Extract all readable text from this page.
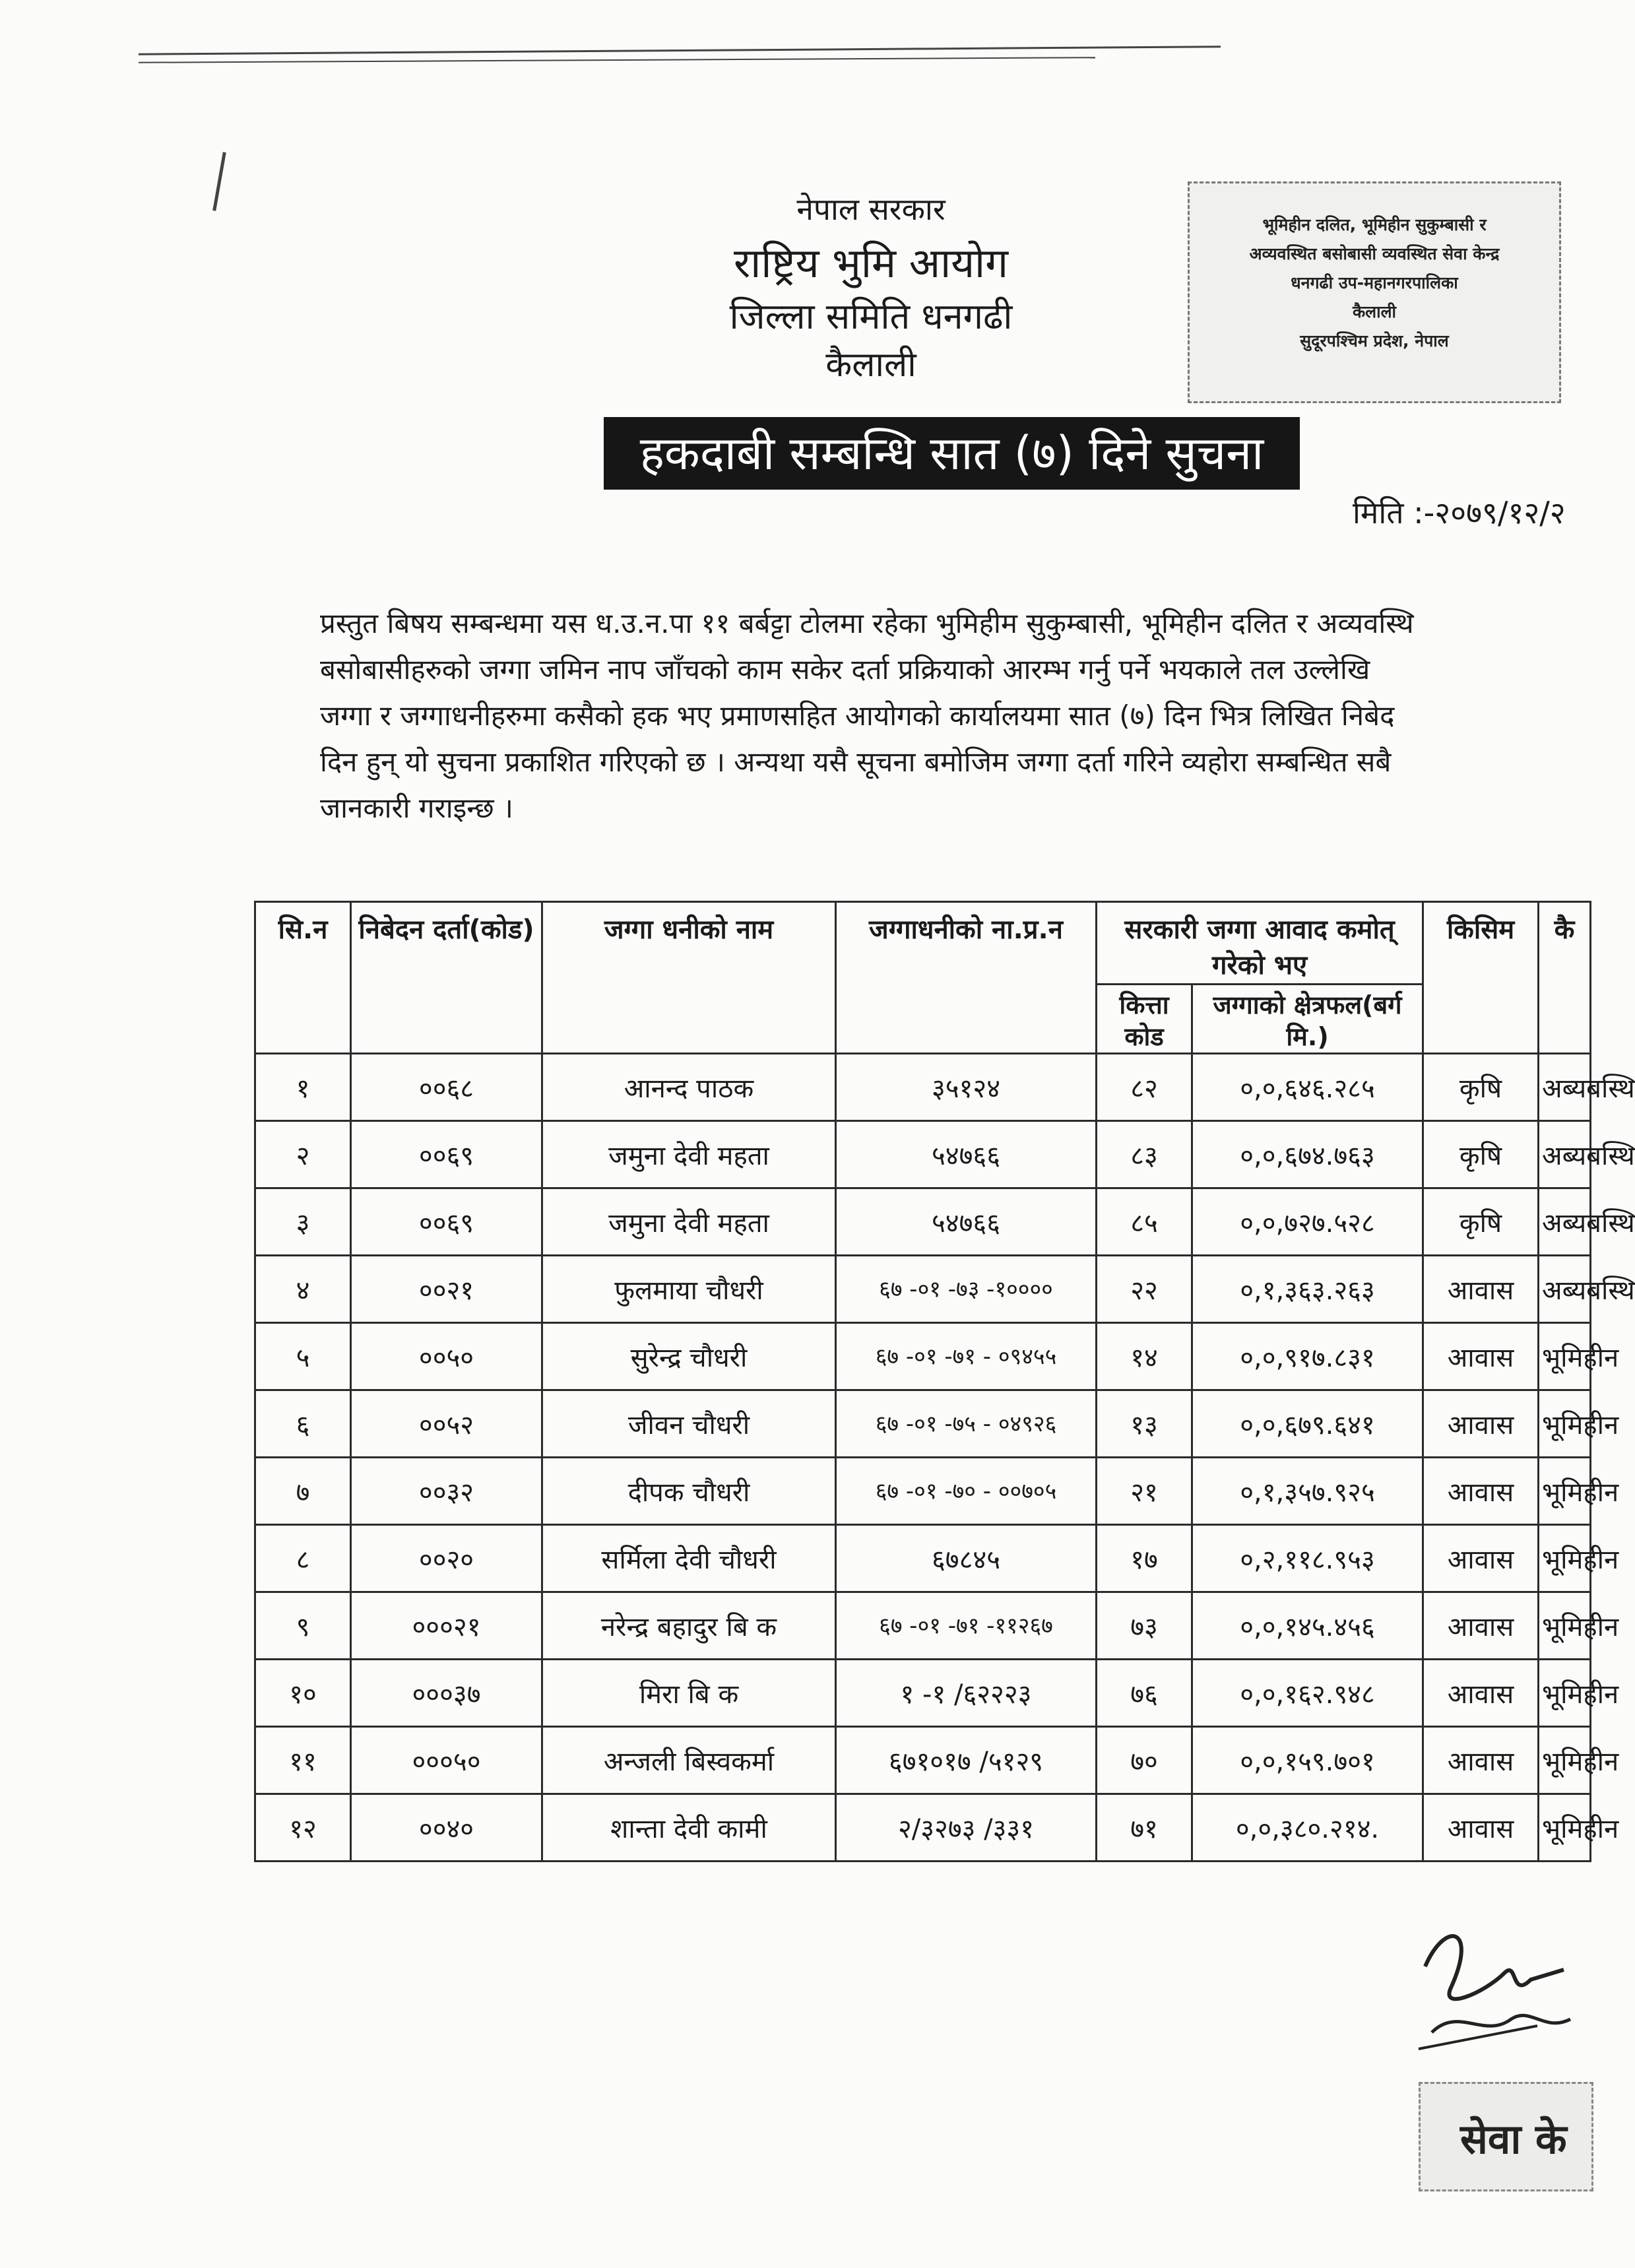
नेपाल सरकार
राष्ट्रिय भुमि आयोग
जिल्ला समिति धनगढी
कैलाली
भूमिहीन दलित, भूमिहीन सुकुम्बासी र
अव्यवस्थित बसोबासी व्यवस्थित सेवा केन्द्र
धनगढी उप-महानगरपालिका
कैलाली
सुदूरपश्चिम प्रदेश, नेपाल
हकदाबी सम्बन्धि सात (७) दिने सुचना
मिति :-२०७९/१२/२
प्रस्तुत बिषय सम्बन्धमा यस ध.उ.न.पा ११ बर्बट्टा टोलमा रहेका भुमिहीम सुकुम्बासी, भूमिहीन दलित र अव्यवस्थि
बसोबासीहरुको जग्गा जमिन नाप जाँचको काम सकेर दर्ता प्रक्रियाको आरम्भ गर्नु पर्ने भयकाले तल उल्लेखि
जग्गा र जग्गाधनीहरुमा कसैको हक भए प्रमाणसहित आयोगको कार्यालयमा सात (७) दिन भित्र लिखित निबेद
दिन हुन् यो सुचना प्रकाशित गरिएको छ । अन्यथा यसै सूचना बमोजिम जग्गा दर्ता गरिने व्यहोरा सम्बन्धित सबै
जानकारी गराइन्छ ।
सि.न	निबेदन दर्ता(कोड)	जग्गा धनीको नाम	जग्गाधनीको ना.प्र.न	सरकारी जग्गा आवाद कमोत् गरेको भए		किसिम	कै
				कित्ता कोड	जग्गाको क्षेत्रफल(बर्ग मि.)		
१	००६८	आनन्द पाठक	३५१२४	८२	०,०,६४६.२८५	कृषि	अब्यबस्थि
२	००६९	जमुना देवी महता	५४७६६	८३	०,०,६७४.७६३	कृषि	अब्यबस्थि
३	००६९	जमुना देवी महता	५४७६६	८५	०,०,७२७.५२८	कृषि	अब्यबस्थि
४	००२१	फुलमाया चौधरी	६७ -०१ -७३ -१००००	२२	०,१,३६३.२६३	आवास	अब्यबस्थि
५	००५०	सुरेन्द्र चौधरी	६७ -०१ -७१ - ०९४५५	१४	०,०,९१७.८३१	आवास	भूमिहीन
६	००५२	जीवन चौधरी	६७ -०१ -७५ - ०४९२६	१३	०,०,६७९.६४१	आवास	भूमिहीन
७	००३२	दीपक चौधरी	६७ -०१ -७० - ००७०५	२१	०,१,३५७.९२५	आवास	भूमिहीन
८	००२०	सर्मिला देवी चौधरी	६७८४५	१७	०,२,११८.९५३	आवास	भूमिहीन
९	०००२१	नरेन्द्र बहादुर बि क	६७ -०१ -७१ -११२६७	७३	०,०,१४५.४५६	आवास	भूमिहीन
१०	०००३७	मिरा बि क	१ -१ /६२२२३	७६	०,०,१६२.९४८	आवास	भूमिहीन
११	०००५०	अन्जली बिस्वकर्मा	६७१०१७ /५१२९	७०	०,०,१५९.७०१	आवास	भूमिहीन
१२	००४०	शान्ता देवी कामी	२/३२७३ /३३१	७१	०,०,३८०.२१४.	आवास	भूमिहीन
सेवा के
